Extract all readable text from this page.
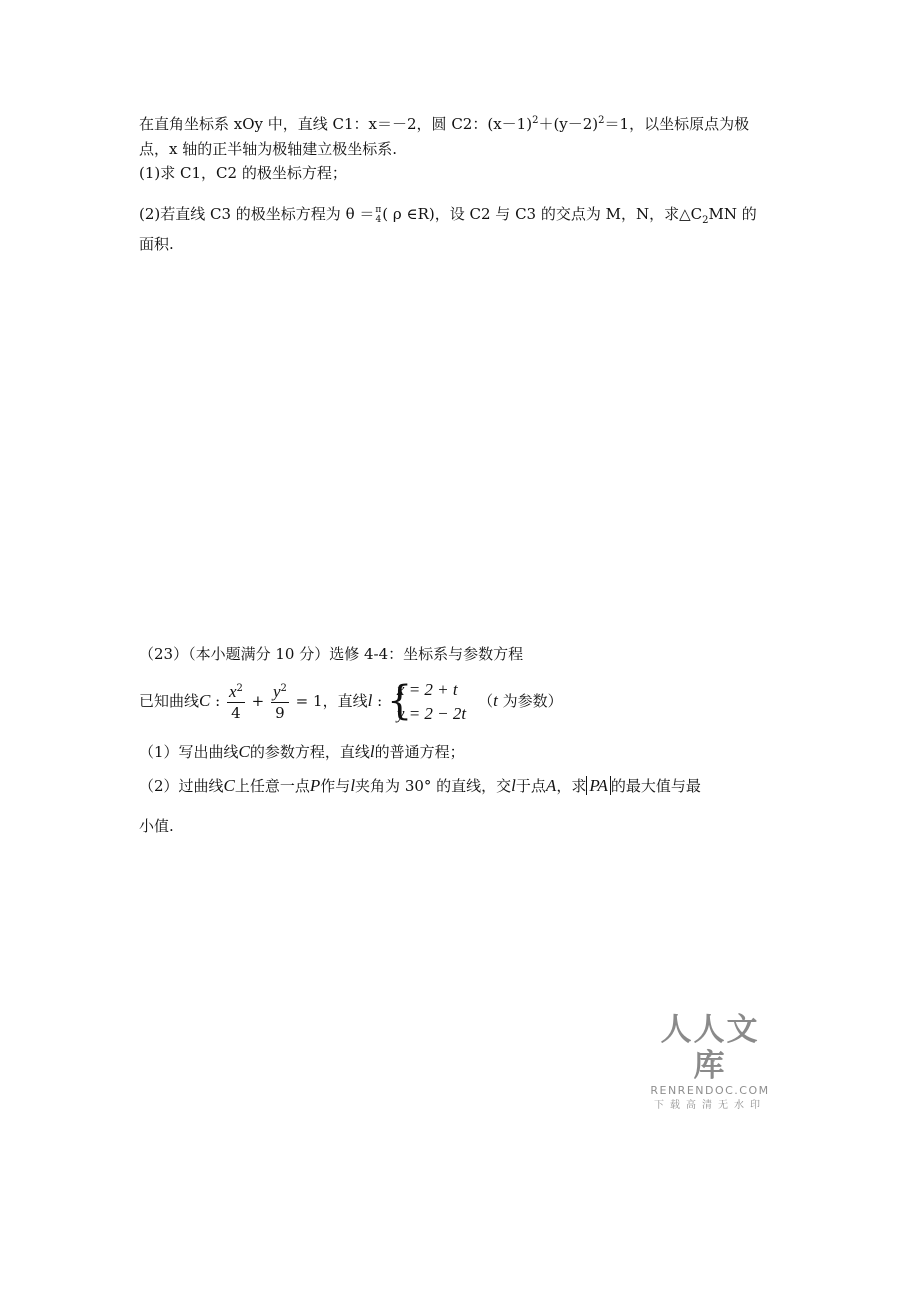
在直角坐标系 xOy 中，直线 C1：x＝－2，圆 C2：$(x-1)^2+(y-2)^2=1$，以坐标原点为极
点，x 轴的正半轴为极轴建立极坐标系.
(1)求 C1，C2 的极坐标方程；
(2)若直线 C3 的极坐标方程为 θ ＝ π
4 ( ρ ∈R)，设 C2 与 C3 的交点为 M，N，求$\triangle C_2MN$ 的
面积.
（23）（本小题满分 10 分）选修 4-4：坐标系与参数方程
已知曲线C : $\frac{x^2}{4} + \frac{y^2}{9} = 1$，直线l : {
x = 2 + t
y = 2 − 2t
（t 为参数）
（1）写出曲线C的参数方程，直线l的普通方程；
（2）过曲线C上任意一点P作与l夹角为 30° 的直线，交l于点A，求 PA 的最大值与最
小值.
人人文库
RENRENDOC.COM
下载高清无水印
